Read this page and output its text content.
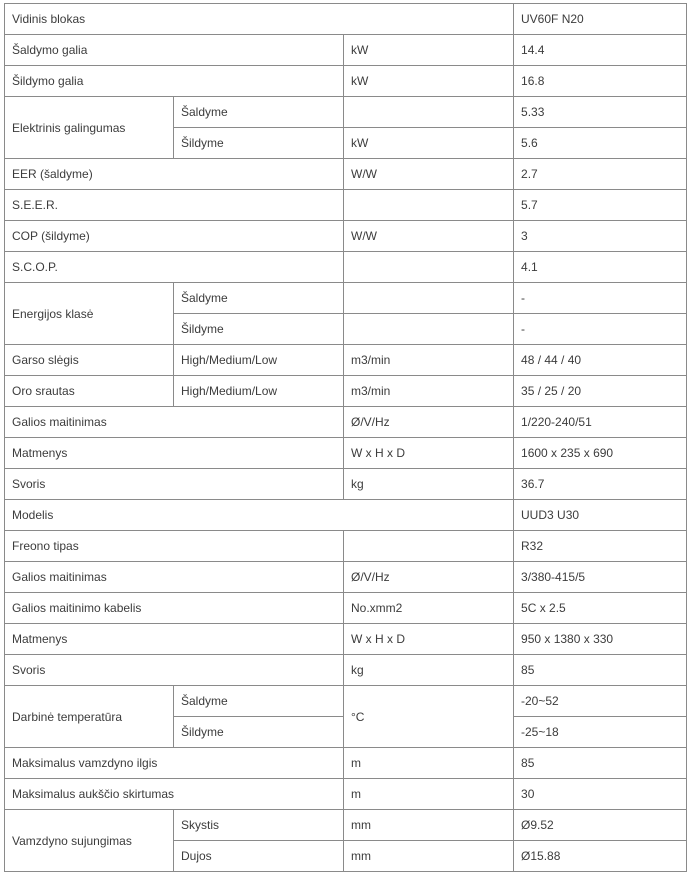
Vidinis blokas			UV60F N20
Šaldymo galia		kW	14.4
Šildymo galia		kW	16.8
Elektrinis galingumas	Šaldyme		5.33
	Šildyme	kW	5.6
EER (šaldyme)		W/W	2.7
S.E.E.R.			5.7
COP (šildyme)		W/W	3
S.C.O.P.			4.1
Energijos klasė	Šaldyme		-
	Šildyme		-
Garso slėgis	High/Medium/Low	m3/min	48 / 44 / 40
Oro srautas	High/Medium/Low	m3/min	35 / 25 / 20
Galios maitinimas		Ø/V/Hz	1/220-240/51
Matmenys		W x H x D	1600 x 235 x 690
Svoris		kg	36.7
Modelis			UUD3 U30
Freono tipas			R32
Galios maitinimas		Ø/V/Hz	3/380-415/5
Galios maitinimo kabelis		No.xmm2	5C x 2.5
Matmenys		W x H x D	950 x 1380 x 330
Svoris		kg	85
Darbinė temperatūra	Šaldyme	°C	-20~52
	Šildyme		-25~18
Maksimalus vamzdyno ilgis		m	85
Maksimalus aukščio skirtumas		m	30
Vamzdyno sujungimas	Skystis	mm	Ø9.52
	Dujos	mm	Ø15.88
